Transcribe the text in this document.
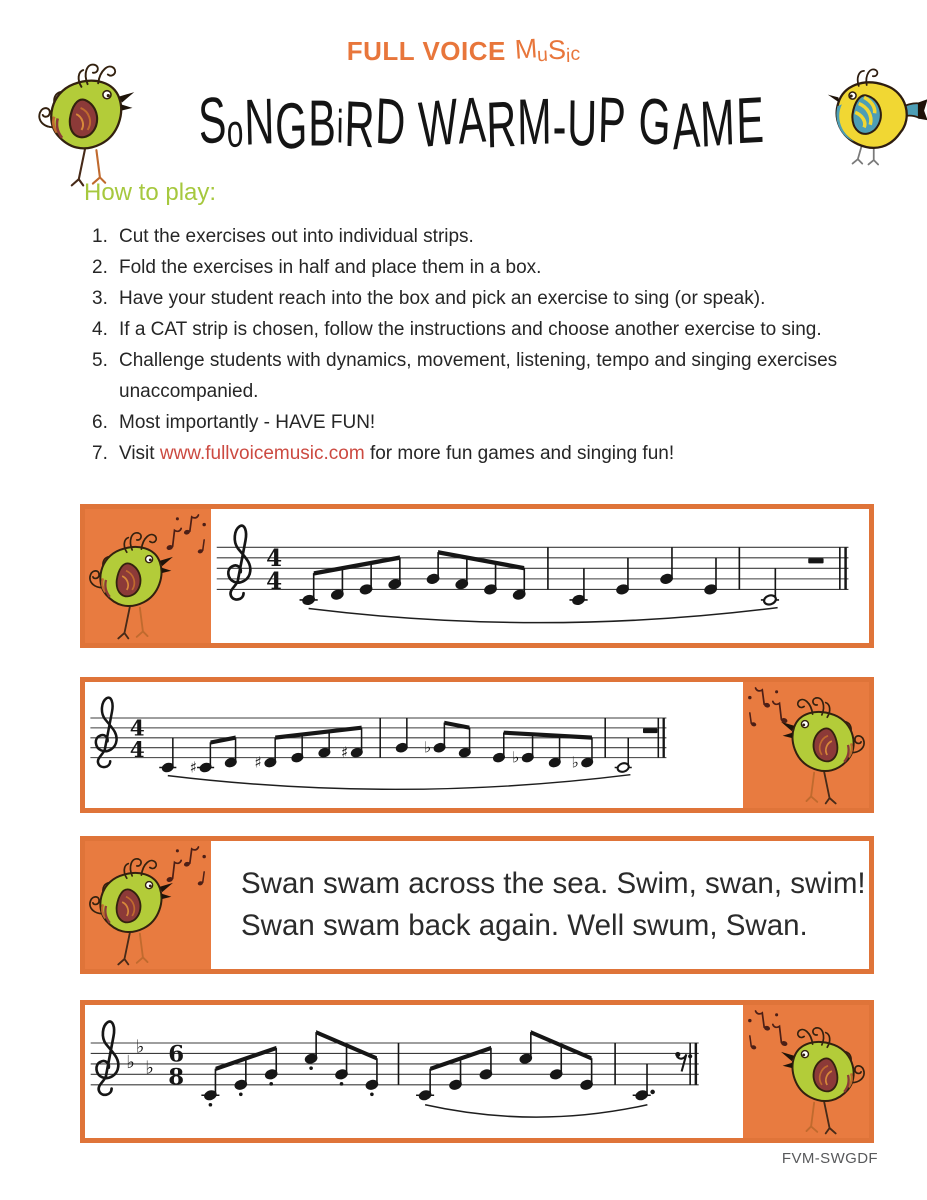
FULL VOICE MuSic
SoNGBiRD WARM-UP GAME
How to play:
1. Cut the exercises out into individual strips.
2. Fold the exercises in half and place them in a box.
3. Have your student reach into the box and pick an exercise to sing (or speak).
4. If a CAT strip is chosen, follow the instructions and choose another exercise to sing.
5. Challenge students with dynamics, movement, listening, tempo and singing exercises unaccompanied.
6. Most importantly - HAVE FUN!
7. Visit www.fullvoicemusic.com for more fun games and singing fun!
4
4
4
4
♯	♯
♯	♭
♭	♭
Swan swam across the sea. Swim, swan, swim!
Swan swam back again. Well swum, Swan.
♭
♭
♭
6
8
FVM-SWGDF
